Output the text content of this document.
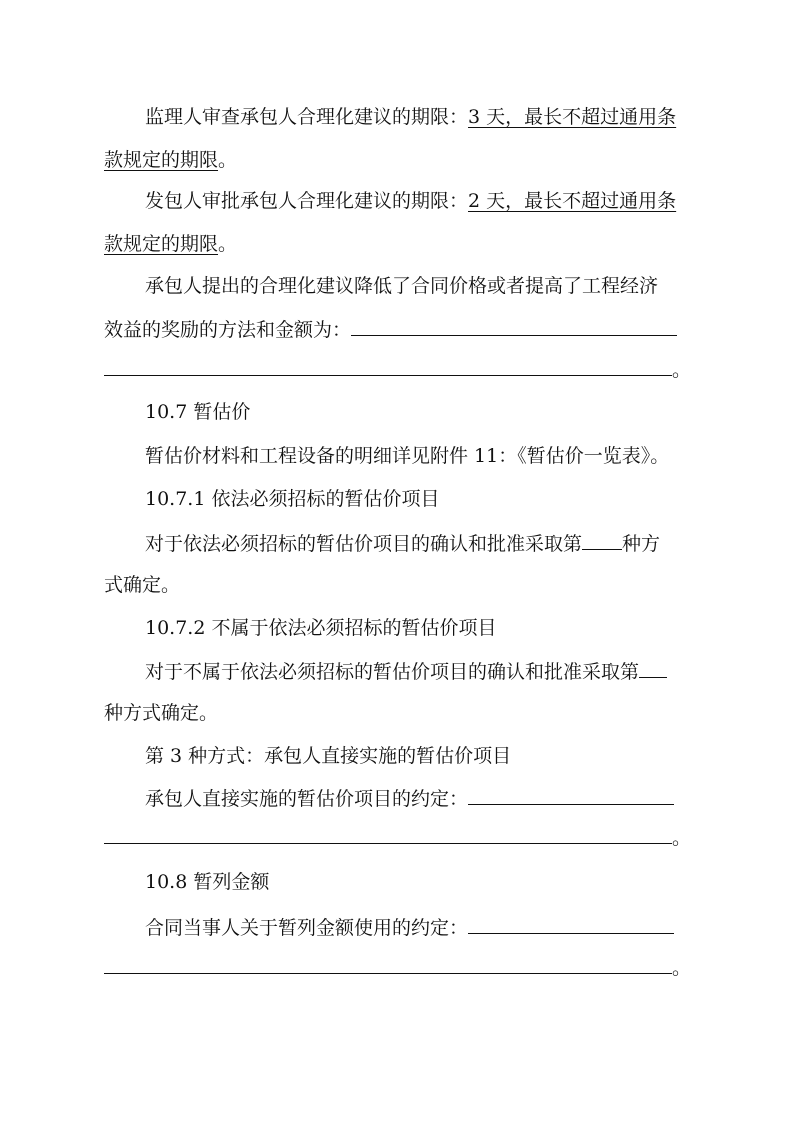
监理人审查承包人合理化建议的期限：3 天，最长不超过通用条
款规定的期限。
发包人审批承包人合理化建议的期限：2 天，最长不超过通用条
款规定的期限。
承包人提出的合理化建议降低了合同价格或者提高了工程经济
效益的奖励的方法和金额为：
。
10.7 暂估价
暂估价材料和工程设备的明细详见附件 11：《暂估价一览表》。
10.7.1 依法必须招标的暂估价项目
对于依法必须招标的暂估价项目的确认和批准采取第 种方
式确定。
10.7.2 不属于依法必须招标的暂估价项目
对于不属于依法必须招标的暂估价项目的确认和批准采取第
种方式确定。
第 3 种方式：承包人直接实施的暂估价项目
承包人直接实施的暂估价项目的约定：
。
10.8 暂列金额
合同当事人关于暂列金额使用的约定：
。
